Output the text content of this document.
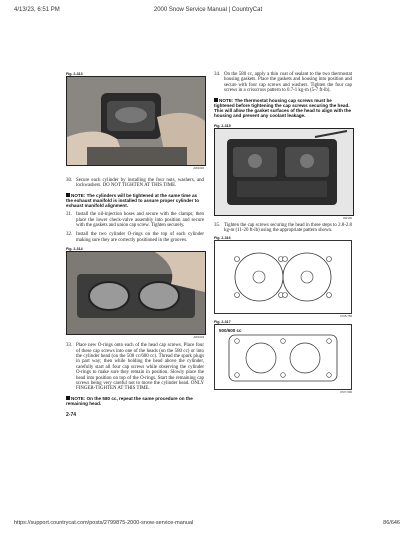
4/13/23, 6:51 PM	2000 Snow Service Manual | CountryCat
Fig. 2-313
AW1032

30. Secure each cylinder by installing the four nuts, washers, and lockwashers. DO NOT TIGHTEN AT THIS TIME.

NOTE: The cylinders will be tightened at the same time as the exhaust manifold is installed to assure proper cylinder to exhaust manifold alignment.

31. Install the oil-injection hoses and secure with the clamps; then place the lower check-valve assembly into position and secure with the gaskets and union cap screw. Tighten securely.

32. Install the two cylinder O-rings on the top of each cylinder making sure they are correctly positioned in the grooves.

Fig. 2-314
AW1033

33. Place new O-rings onto each of the head cap screws. Place four of these cap screws into one of the heads (on the 580 cc) or into the cylinder head (on the 500 cc/600 cc). Thread the spark plugs in part way; then while holding the head above the cylinder, carefully start all four cap screws while observing the cylinder O-rings to make sure they remain in position. Slowly place the head into position on top of the O-rings. Start the remaining cap screws being very careful not to move the cylinder head. ONLY FINGER-TIGHTEN AT THIS TIME.

NOTE: On the 580 cc, repeat the same procedure on the remaining head.
2-74

34. On the 580 cc, apply a thin coat of sealant to the two thermostat housing gaskets. Place the gaskets and housing into position and secure with four cap screws and washers. Tighten the four cap screws in a crisscross pattern to 0.7-1 kg-m (5-7 ft-lb).

NOTE: The thermostat housing cap screws must be tightened before tightening the cap screws securing the head. This will allow the gasket surfaces of the head to align with the housing and prevent any coolant leakage.
Fig. 2-315
AW146

35. Tighten the cap screws securing the head in three steps to 2.8-2.8 kg-m (11-20 ft-lb) using the appropriate pattern shown.

Fig. 2-316
0725-759
Fig. 2-317
500/600 cc
0727-506
https://support.countrycat.com/posts/2799875-2000-snow-service-manual	86/646
